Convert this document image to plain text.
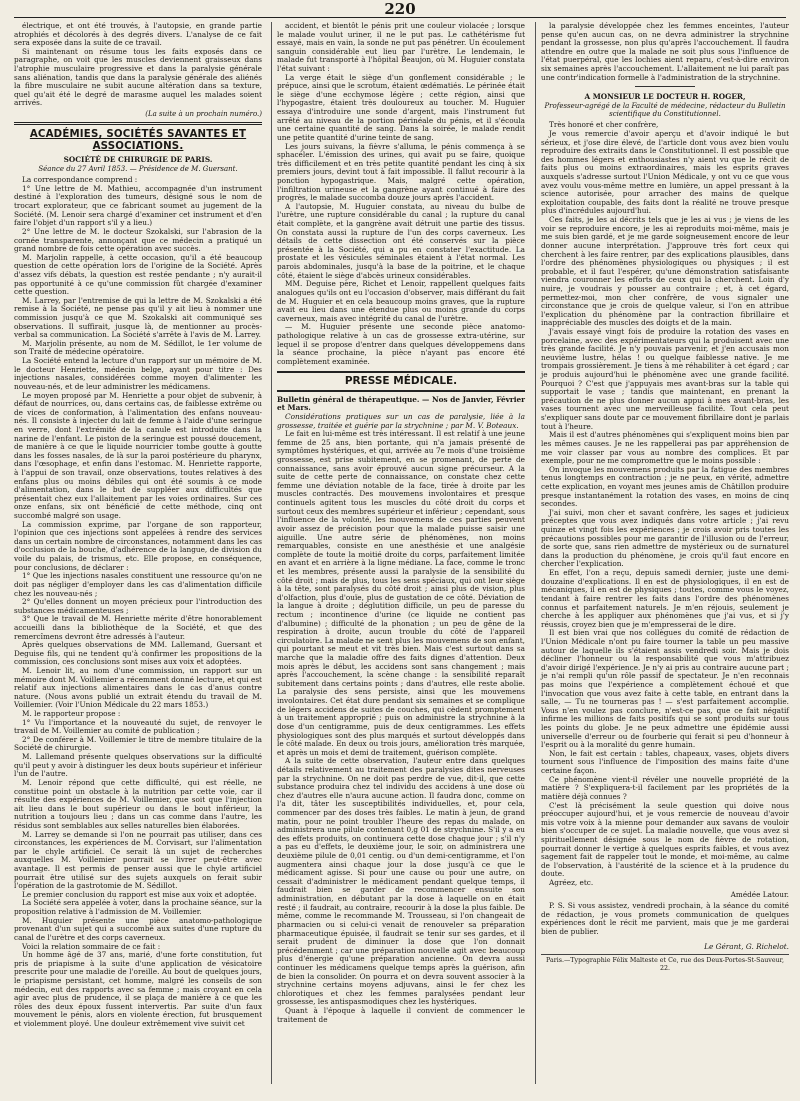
220

électrique, et ont été trouvés, à l'autopsie, en grande partie atrophiés et décolorés à des degrés divers. L'analyse de ce fait sera exposée dans la suite de ce travail.

Si maintenant on résume tous les faits exposés dans ce paragraphe, on voit que les muscles deviennent graisseux dans l'atrophie musculaire progressive et dans la paralysie générale sans aliénation, tandis que dans la paralysie générale des aliénés la fibre musculaire ne subit aucune altération dans sa texture, quel qu'ait été le degré de marasme auquel les malades soient arrivés.

(La suite à un prochain numéro.)
ACADÉMIES, SOCIÉTÉS SAVANTES ET ASSOCIATIONS.
SOCIÉTÉ DE CHIRURGIE DE PARIS.
Séance du 27 Avril 1853. — Présidence de M. Guersant.

La correspondance comprend :

1° Une lettre de M. Mathieu, accompagnée d'un instrument destiné à l'exploration des tumeurs, désigné sous le nom de trocart explorateur, que ce fabricant soumet au jugement de la Société. (M. Lenoir sera chargé d'examiner cet instrument et d'en faire l'objet d'un rapport s'il y a lieu.)

2° Une lettre de M. le docteur Szokalski, sur l'abrasion de la cornée transparente, annonçant que ce médecin a pratiqué un grand nombre de fois cette opération avec succès.

M. Marjolin rappelle, à cette occasion, qu'il a été beaucoup question de cette opération lors de l'origine de la Société. Après d'assez vifs débats, la question est restée pendante ; n'y aurait-il pas opportunité à ce qu'une commission fût chargée d'examiner cette question.

M. Larrey, par l'entremise de qui la lettre de M. Szokalski a été remise à la Société, ne pense pas qu'il y ait lieu à nommer une commission jusqu'à ce que M. Szokalski ait communiqué ses observations. Il suffirait, jusque là, de mentionner au procès-verbal sa communication. La Société s'arrête à l'avis de M. Larrey.

M. Marjolin présente, au nom de M. Sédillot, le 1er volume de son Traité de médecine opératoire.

La Société entend la lecture d'un rapport sur un mémoire de M. le docteur Henriette, médecin belge, ayant pour titre : Des injections nasales, considérées comme moyen d'alimenter les nouveau-nés, et de leur administrer les médicamens.

Le moyen proposé par M. Henriette a pour objet de subvenir, à défaut de nourrices, ou, dans certains cas, de faiblesse extrême ou de vices de conformation, à l'alimentation des enfans nouveau-nés. Il consiste à injecter du lait de femme à l'aide d'une seringue en verre, dont l'extrémité de la canule est introduite dans la narine de l'enfant. Le piston de la seringue est poussé doucement, de manière à ce que le liquide nourricier tombe goutte à goutte dans les fosses nasales, de là sur la paroi postérieure du pharynx, dans l'œsophage, et enfin dans l'estomac. M. Henriette rapporte, à l'appui de son travail, onze observations, toutes relatives à des enfans plus ou moins débiles qui ont été soumis à ce mode d'alimentation, dans le but de suppléer aux difficultés que présentait chez eux l'allaitement par les voies ordinaires. Sur ces onze enfans, six ont bénéficié de cette méthode, cinq ont succombé malgré son usage.

La commission exprime, par l'organe de son rapporteur, l'opinion que ces injections sont appelées à rendre des services dans un certain nombre de circonstances, notamment dans les cas d'occlusion de la bouche, d'adhérence de la langue, de division du voile du palais, de trismus, etc. Elle propose, en conséquence, pour conclusions, de déclarer :

1° Que les injections nasales constituent une ressource qu'on ne doit pas négliger d'employer dans les cas d'alimentation difficile chez les nouveau-nés ;

2° Qu'elles donnent un moyen précieux pour l'introduction des substances médicamenteuses ;

3° Que le travail de M. Henriette mérite d'être honorablement accueilli dans la bibliothèque de la Société, et que des remercîmens devront être adressés à l'auteur.

Après quelques observations de MM. Lallemand, Guersant et Deguise fils, qui ne tendent qu'à confirmer les propositions de la commission, ces conclusions sont mises aux voix et adoptées.

M. Lenoir lit, au nom d'une commission, un rapport sur un mémoire dont M. Voillemier a récemment donné lecture, et qui est relatif aux injections alimentaires dans le cas d'anus contre nature. (Nous avons publié un extrait étendu du travail de M. Voillemier. (Voir l'Union Médicale du 22 mars 1853.)

M. le rapporteur propose :

1° Vu l'importance et la nouveauté du sujet, de renvoyer le travail de M. Voillemier au comité de publication ;

2° De conférer à M. Voillemier le titre de membre titulaire de la Société de chirurgie.

M. Lallemand présente quelques observations sur la difficulté qu'il peut y avoir à distinguer les deux bouts supérieur et inférieur l'un de l'autre.

M. Lenoir répond que cette difficulté, qui est réelle, ne constitue point un obstacle à la nutrition par cette voie, car il résulte des expériences de M. Voillemier, que soit que l'injection ait lieu dans le bout supérieur ou dans le bout inférieur, la nutrition a toujours lieu ; dans un cas comme dans l'autre, les résidus sont semblables aux selles naturelles bien élaborées.

M. Larrey se demande si l'on ne pourrait pas utiliser, dans ces circonstances, les expériences de M. Corvisart, sur l'alimentation par le chyle artificiel. Ce serait là un sujet de recherches auxquelles M. Voillemier pourrait se livrer peut-être avec avantage. Il est permis de penser aussi que le chyle artificiel pourrait être utilisé sur des sujets auxquels on ferait subir l'opération de la gastrotomie de M. Sédillot.

Le premier conclusion du rapport est mise aux voix et adoptée.

La Société sera appelée à voter, dans la prochaine séance, sur la proposition relative à l'admission de M. Voillemier.

M. Huguier présente une pièce anatomo-pathologique provenant d'un sujet qui a succombé aux suites d'une rupture du canal de l'urètre et des corps caverneux.

Voici la relation sommaire de ce fait :

Un homme âgé de 37 ans, marié, d'une forte constitution, fut pris de priapisme à la suite d'une application de vésicatoire prescrite pour une maladie de l'oreille. Au bout de quelques jours, le priapisme persistant, cet homme, malgré les conseils de son médecin, eut des rapports avec sa femme ; mais croyant en cela agir avec plus de prudence, il se plaça de manière à ce que les rôles des deux époux fussent intervertis. Par suite d'un faux mouvement le pénis, alors en violente érection, fut brusquement et violemment ployé. Une douleur extrêmement vive suivit cet

accident, et bientôt le pénis prit une couleur violacée ; lorsque le malade voulut uriner, il ne le put pas. Le cathétérisme fut essayé, mais en vain, la sonde ne put pas pénétrer. Un écoulement sanguin considérable eut lieu par l'urètre. Le lendemain, le malade fut transporté à l'hôpital Beaujon, où M. Huguier constata l'état suivant :

La verge était le siège d'un gonflement considérable ; le prépuce, ainsi que le scrotum, étaient œdématiés. Le périnée était le siège d'une ecchymose légère ; cette région, ainsi que l'hypogastre, étaient très douloureux au toucher. M. Huguier essaya d'introduire une sonde d'argent, mais l'instrument fut arrêté au niveau de la portion périnéale du pénis, et il s'écoula une certaine quantité de sang. Dans la soirée, le malade rendit une petite quantité d'urine teinte de sang.

Les jours suivans, la fièvre s'alluma, le pénis commença à se sphacéler. L'émission des urines, qui avait pu se faire, quoique très difficilement et en très petite quantité pendant les cinq à six premiers jours, devint tout à fait impossible. Il fallut recourir à la ponction hypogastrique. Mais, malgré cette opération, l'infiltration urineuse et la gangrène ayant continué à faire des progrès, le malade succomba douze jours après l'accident.

A l'autopsie, M. Huguier constata, au niveau du bulbe de l'urètre, une rupture considérable du canal ; la rupture du canal était complète, et la gangrène avait détruit une partie des tissus. On constata aussi la rupture de l'un des corps caverneux. Les détails de cette dissection ont été conservés sur la pièce présentée à la Société, qui a pu en constater l'exactitude. La prostate et les vésicules séminales étaient à l'état normal. Les parois abdominales, jusqu'à la base de la poitrine, et le chaque côté, étaient le siège d'abcès urineux considérables.

MM. Deguise père, Richet et Lenoir, rappellent quelques faits analogues qu'ils ont eu l'occasion d'observer, mais différant du fait de M. Huguier et en cela beaucoup moins graves, que la rupture avait eu lieu dans une étendue plus ou moins grande du corps caverneux, mais avec intégrité du canal de l'urètre.

— M. Huguier présente une seconde pièce anatomo-pathologique relative à un cas de grossesse extra-utérine, sur lequel il se propose d'entrer dans quelques développemens dans la séance prochaine, la pièce n'ayant pas encore été complètement examinée.

PRESSE MÉDICALE.

Bulletin général de thérapeutique. — Nos de Janvier, Février et Mars.

Considérations pratiques sur un cas de paralysie, liée à la grossesse, traitée et guérie par la strychnine ; par M. V. Boteaux.

Le fait en lui-même est très intéressant. Il est relatif à une jeune femme de 25 ans, bien portante, qui n'a jamais présenté de symptômes hystériques, et qui, arrivée au 7e mois d'une troisième grossesse, est prise subitement, en se promenant, de perte de connaissance, sans avoir éprouvé aucun signe précurseur. A la suite de cette perte de connaissance, on constate chez cette femme une déviation notable de la face, tirée à droite par les muscles contractés. Des mouvemens involontaires et presque continuels agitent tous les muscles du côté droit du corps et surtout ceux des membres supérieur et inférieur ; cependant, sous l'influence de la volonté, les mouvemens de ces parties peuvent avoir assez de précision pour que la malade puisse saisir une aiguille. Une autre série de phénomènes, non moins remarquables, consiste en une anesthésie et une analgésie complète de toute la moitié droite du corps, parfaitement limitée en avant et en arrière à la ligne médiane. La face, comme le tronc et les membres, présente aussi la paralysie de la sensibilité du côté droit ; mais de plus, tous les sens spéciaux, qui ont leur siège à la tête, sont paralysés du côté droit ; ainsi plus de vision, plus d'olfaction, plus d'ouïe, plus de gustation de ce côté. Déviation de la langue à droite ; déglutition difficile, un peu de paresse du rectum ; incontinence d'urine (ce liquide ne contient pas d'albumine) ; difficulté de la phonation ; un peu de gêne de la respiration à droite, aucun trouble du côté de l'appareil circulatoire. La malade ne sent plus les mouvemens de son enfant, qui pourtant se meut et vit très bien. Mais c'est surtout dans sa marche que la maladie offre des faits dignes d'attention. Deux mois après le début, les accidens sont sans changement ; mais après l'accouchement, la scène change : la sensibilité reparaît subitement dans certains points ; dans d'autres, elle reste abolie. La paralysie des sens persiste, ainsi que les mouvemens involontaires. Cet état dure pendant six semaines et se complique de légers accidens de suites de couches, qui cèdent promptement à un traitement approprié ; puis on administre la strychnine à la dose d'un centigramme, puis de deux centigrammes. Les effets physiologiques sont des plus marqués et surtout développés dans le côté malade. En deux ou trois jours, amélioration très marquée, et après un mois et demi de traitement, guérison complète.

A la suite de cette observation, l'auteur entre dans quelques détails relativement au traitement des paralysies dites nerveuses par la strychnine. On ne doit pas perdre de vue, dit-il, que cette substance produira chez tel individu des accidens à une dose où chez d'autres elle n'aura aucune action. Il faudra donc, comme on l'a dit, tâter les susceptibilités individuelles, et, pour cela, commencer par des doses très faibles. Le matin à jeun, de grand matin, pour ne point troubler l'heure des repas du malade, on administrera une pilule contenant 0,g 01 de strychnine. S'il y a eu des effets produits, on continuera cette dose chaque jour ; s'il n'y a pas eu d'effets, le deuxième jour, le soir, on administrera une deuxième pilule de 0,01 centig. ou d'un demi-centigramme, et l'on augmentera ainsi chaque jour la dose jusqu'à ce que le médicament agisse. Si pour une cause ou pour une autre, on cessait d'administrer le médicament pendant quelque temps, il faudrait bien se garder de recommencer ensuite son administration, en débutant par la dose à laquelle on en était resté ; il faudrait, au contraire, recourir à la dose la plus faible. De même, comme le recommande M. Trousseau, si l'on changeait de pharmacien ou si celui-ci venait de renouveler sa préparation pharmaceutique épuisée, il faudrait se tenir sur ses gardes, et il serait prudent de diminuer la dose que l'on donnait précédemment ; car une préparation nouvelle agit avec beaucoup plus d'énergie qu'une préparation ancienne. On devra aussi continuer les médicamens quelque temps après la guérison, afin de bien la consolider. On pourra et on devra souvent associer à la strychnine certains moyens adjuvans, ainsi le fer chez les chlorotiques et chez les femmes paralysées pendant leur grossesse, les antispasmodiques chez les hystériques.

Quant à l'époque à laquelle il convient de commencer le traitement de

la paralysie développée chez les femmes enceintes, l'auteur pense qu'en aucun cas, on ne devra administrer la strychnine pendant la grossesse, non plus qu'après l'accouchement. Il faudra attendre en outre que la malade ne soit plus sous l'influence de l'état puerpéral, que les lochies aient reparu, c'est-à-dire environ six semaines après l'accouchement. L'allaitement ne lui paraît pas une contr'indication formelle à l'administration de la strychnine.

A MONSIEUR LE DOCTEUR H. ROGER,
Professeur-agrégé de la Faculté de médecine, rédacteur du Bulletin scientifique du Constitutionnel.

Très honoré et cher confrère,

Je vous remercie d'avoir aperçu et d'avoir indiqué le but sérieux, et j'ose dire élevé, de l'article dont vous avez bien voulu reproduire des extraits dans le Constitutionnel. Il est possible que des hommes légers et enthousiastes n'y aient vu que le récit de faits plus ou moins extraordinaires, mais les esprits graves auxquels s'adresse surtout l'Union Médicale, y ont vu ce que vous avez voulu vous-même mettre en lumière, un appel pressant à la science autorisée, pour arracher des mains de quelque exploitation coupable, des faits dont la réalité ne trouve presque plus d'incrédules aujourd'hui.

Ces faits, je les ai décrits tels que je les ai vus ; je viens de les voir se reproduire encore, je les ai reproduits moi-même, mais je me suis bien gardé, et je me garde soigneusement encore de leur donner aucune interprétation. J'approuve très fort ceux qui cherchent à les faire rentrer, par des explications plausibles, dans l'ordre des phénomènes physiologiques ou physiques ; il est probable, et il faut l'espérer, qu'une démonstration satisfaisante viendra couronner les efforts de ceux qui la cherchent. Loin d'y nuire, je voudrais y pousser au contraire ; et, à cet égard, permettez-moi, mon cher confrère, de vous signaler une circonstance que je crois de quelque valeur, si l'on en attribue l'explication du phénomène par la contraction fibrillaire et inappréciable des muscles des doigts et de la main.

J'avais essayé vingt fois de produire la rotation des vases en porcelaine, avec des expérimentateurs qui la produisent avec une très grande facilité. Je n'y pouvais parvenir, et j'en accusais mon neuvième lustre, hélas ! ou quelque faiblesse native. Je me trompais grossièrement. Je tiens à me réhabiliter à cet égard ; car je produis aujourd'hui le phénomène avec une grande facilité. Pourquoi ? C'est que j'appuyais mes avant-bras sur la table qui supportait le vase ; tandis que maintenant, en prenant la précaution de ne plus donner aucun appui à mes avant-bras, les vases tournent avec une merveilleuse facilité. Tout cela peut s'expliquer sans doute par ce mouvement fibrillaire dont je parlais tout à l'heure.

Mais il est d'autres phénomènes qui s'expliquent moins bien par les mêmes causes. Je ne les rappellerai pas par appréhension de me voir classer par vous au nombre des complices. Et par exemple, pour ne me compromettre que le moins possible :

On invoque les mouvemens produits par la fatigue des membres tenus longtemps en contraction ; je ne peux, en vérité, admettre cette explication, en voyant mes jeunes amis de Châtillon produire presque instantanément la rotation des vases, en moins de cinq secondes.

J'ai suivi, mon cher et savant confrère, les sages et judicieux préceptes que vous avez indiqués dans votre article ; j'ai revu quinze et vingt fois les expériences ; je crois avoir pris toutes les précautions possibles pour me garantir de l'illusion ou de l'erreur, de sorte que, sans rien admettre de mystérieux ou de surnaturel dans la production du phénomène, je crois qu'il faut encore en chercher l'explication.

En effet, l'on a reçu, depuis samedi dernier, juste une demi-douzaine d'explications. Il en est de physiologiques, il en est de mécaniques, il en est de physiques ; toutes, comme vous le voyez, tendant à faire rentrer les faits dans l'ordre des phénomènes connus et parfaitement naturels. Je m'en réjouis, seulement je cherche à les appliquer aux phénomènes que j'ai vus, et si j'y réussis, croyez bien que je m'empresserai de le dire.

Il est bien vrai que nos collègues du comité de rédaction de l'Union Médicale n'ont pu faire tourner la table un peu massive autour de laquelle ils s'étaient assis vendredi soir. Mais je dois décliner l'honneur ou la responsabilité que vous m'attribuez d'avoir dirigé l'expérience. Je n'y ai pris au contraire aucune part ; je n'ai rempli qu'un rôle passif de spectateur. Je n'en reconnais pas moins que l'expérience a complètement échoué et que l'invocation que vous avez faite à cette table, en entrant dans la salle, — Tu ne tourneras pas ! — s'est parfaitement accomplie. Vous n'en voulez pas conclure, n'est-ce pas, que ce fait négatif infirme les millions de faits positifs qui se sont produits sur tous les points du globe. Je ne peux admettre une épidémie aussi universelle d'erreur ou de fourberie qui ferait si peu d'honneur à l'esprit ou à la moralité du genre humain.

Non, le fait est certain : tables, chapeaux, vases, objets divers tournent sous l'influence de l'imposition des mains faite d'une certaine façon.

Ce phénomène vient-il révéler une nouvelle propriété de la matière ? S'expliquera-t-il facilement par les propriétés de la matière déjà connues ?

C'est là précisément la seule question qui doive nous préoccuper aujourd'hui, et je vous remercie de nouveau d'avoir mis votre voix à la mienne pour demander aux savans de vouloir bien s'occuper de ce sujet. La maladie nouvelle, que vous avez si spirituellement désignée sous le nom de fièvre de rotation, pourrait donner le vertige à quelques esprits faibles, et vous avez sagement fait de rappeler tout le monde, et moi-même, au calme de l'observation, à l'austérité de la science et à la prudence du doute.

Agréez, etc.

Amédée Latour.

P. S. Si vous assistez, vendredi prochain, à la séance du comité de rédaction, je vous promets communication de quelques expériences dont le récit me parvient, mais que je me garderai bien de publier.

Le Gérant, G. Richelot.
Paris.—Typographie Félix Malteste et Ce, rue des Deux-Portes-St-Sauveur, 22.
